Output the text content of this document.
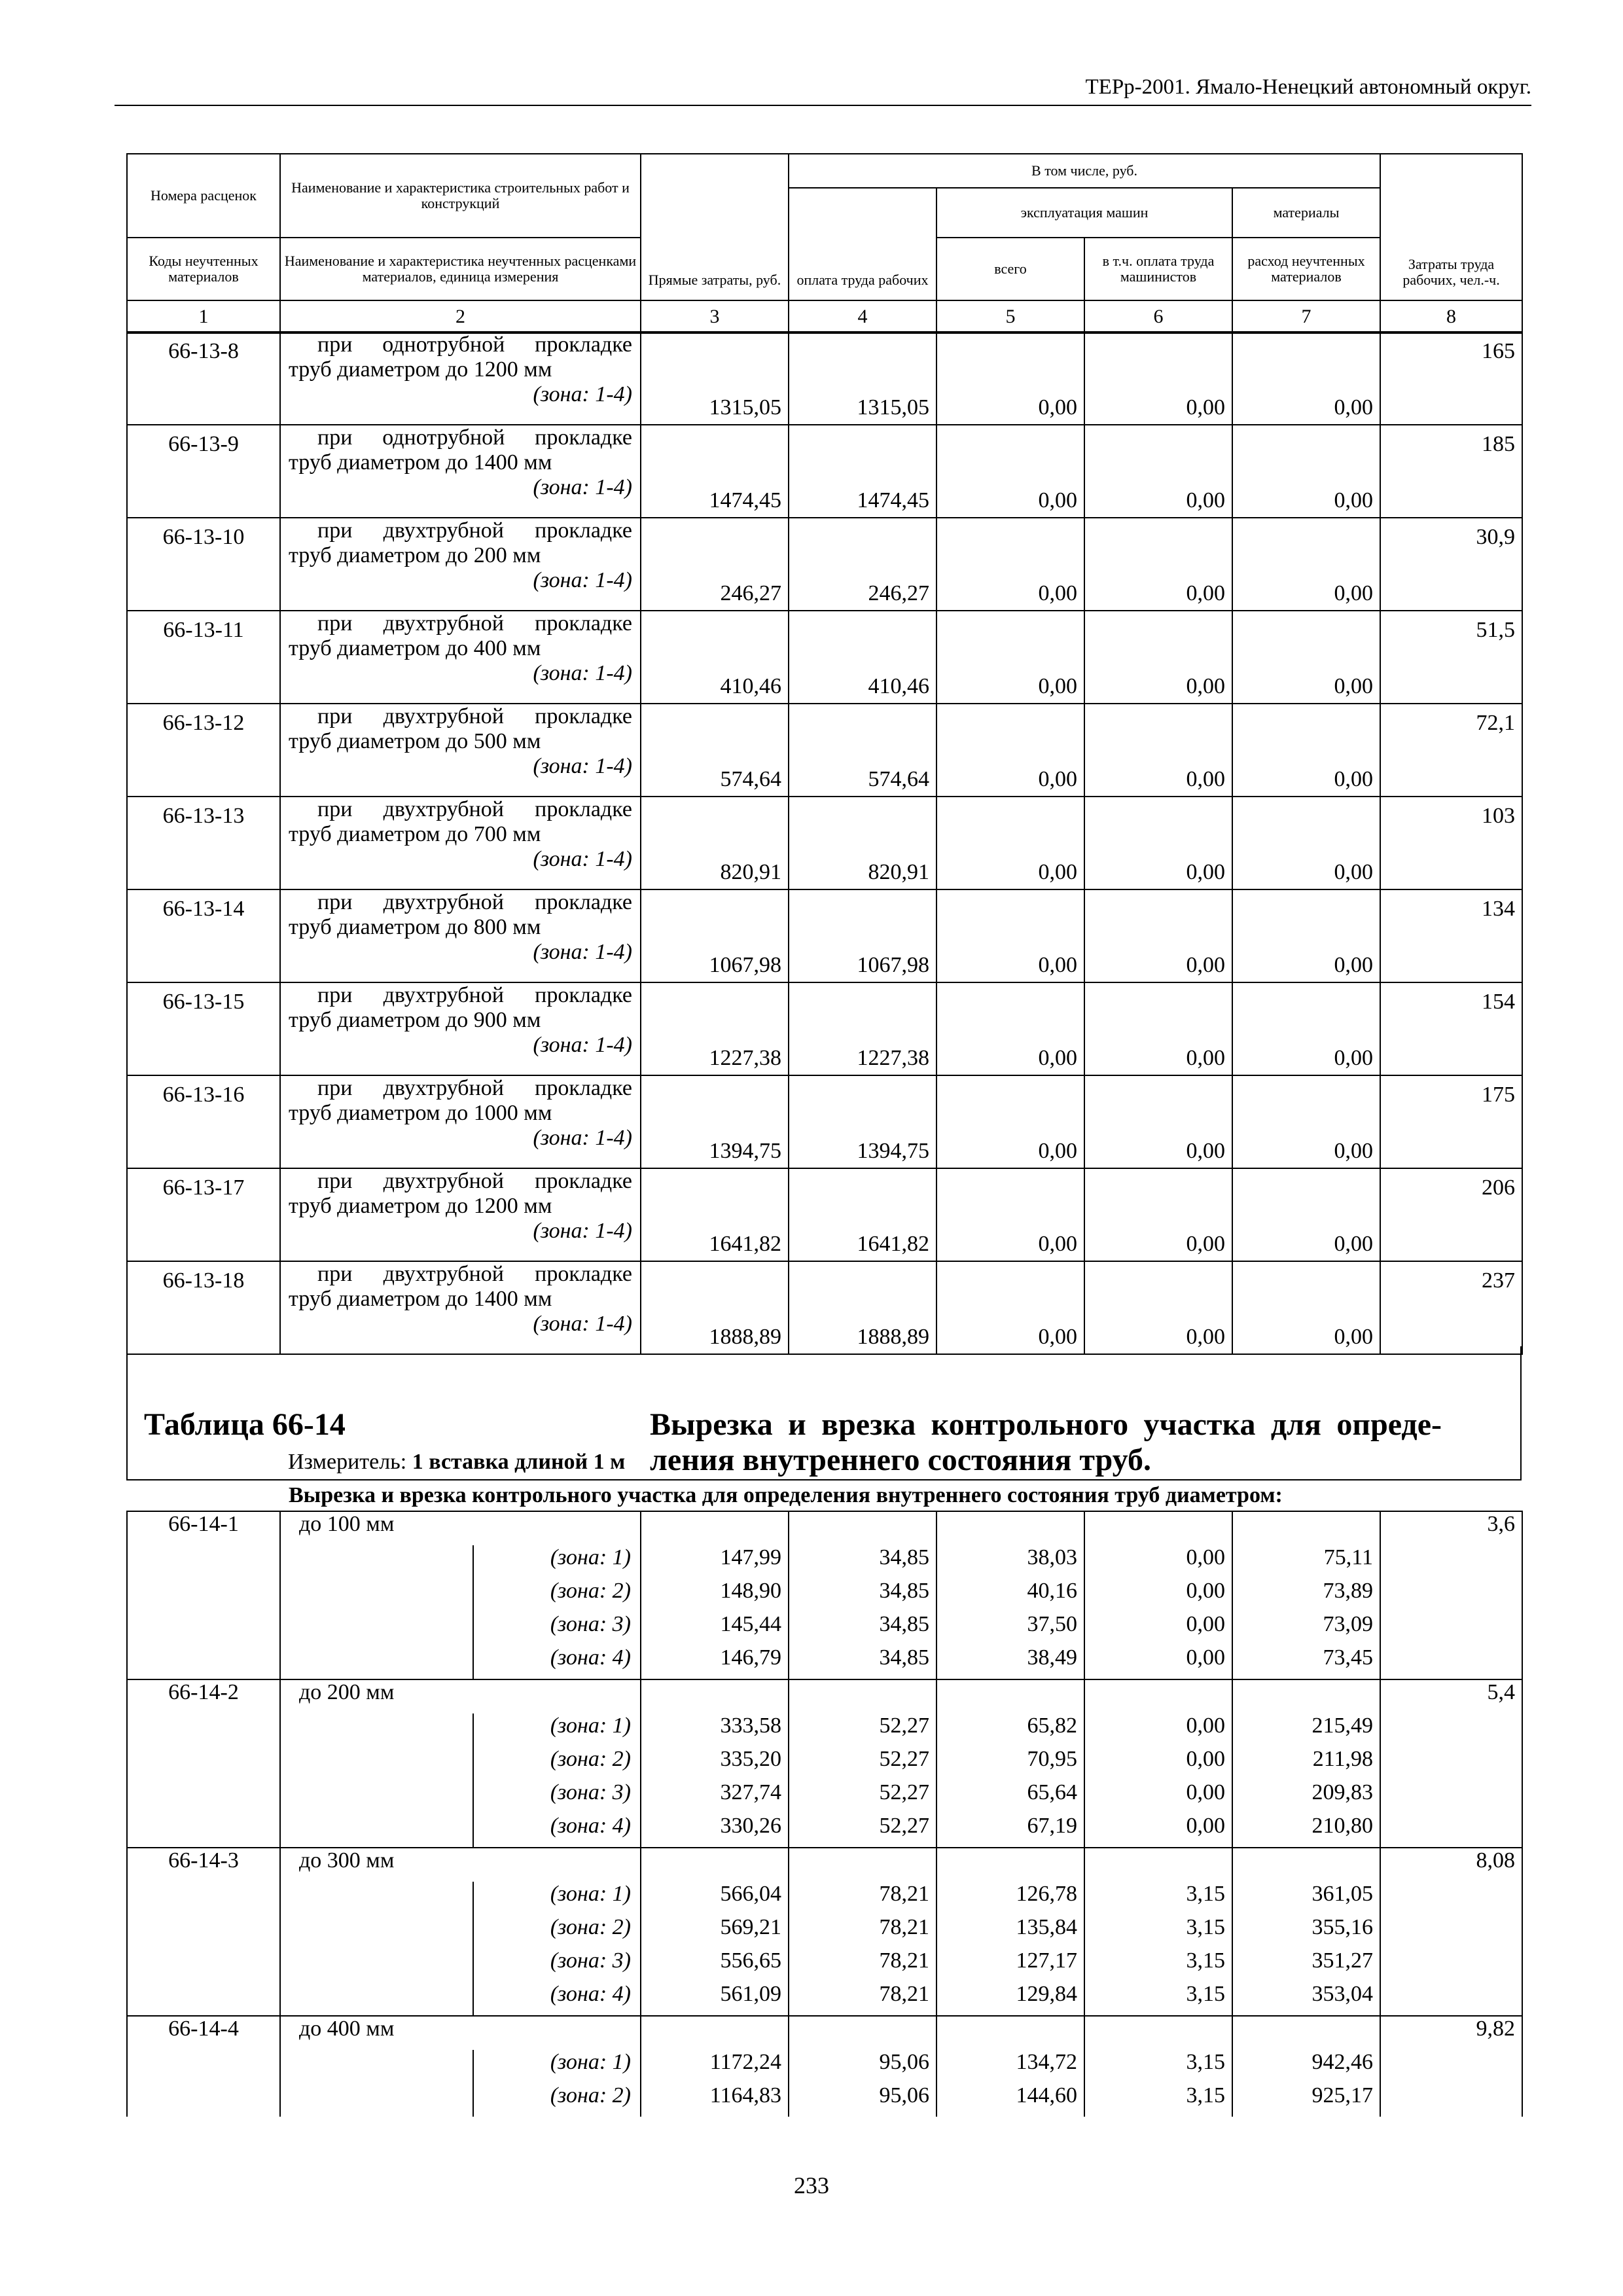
ТЕРр-2001. Ямало-Ненецкий автономный округ.
Номера расценок	Наименование и характеристика строительных работ и конструкций	Прямые затраты, руб.	В том числе, руб.				Затраты труда рабочих, чел.-ч.
			оплата труда рабочих	эксплуатация машин		материалы	
Коды неучтенных материалов	Наименование и характеристика неучтенных расценками материалов, единица измерения			всего	в т.ч. оплата труда машинистов	расход неучтенных материалов	

1	2	3	4	5	6	7	8
66-13-8	при однотрубной прокладке
труб диаметром до 1200 мм
(зона: 1-4)	1315,05	1315,05	0,00	0,00	0,00	165
66-13-9	при однотрубной прокладке
труб диаметром до 1400 мм
(зона: 1-4)	1474,45	1474,45	0,00	0,00	0,00	185
66-13-10	при двухтрубной прокладке
труб диаметром до 200 мм
(зона: 1-4)	246,27	246,27	0,00	0,00	0,00	30,9
66-13-11	при двухтрубной прокладке
труб диаметром до 400 мм
(зона: 1-4)	410,46	410,46	0,00	0,00	0,00	51,5
66-13-12	при двухтрубной прокладке
труб диаметром до 500 мм
(зона: 1-4)	574,64	574,64	0,00	0,00	0,00	72,1
66-13-13	при двухтрубной прокладке
труб диаметром до 700 мм
(зона: 1-4)	820,91	820,91	0,00	0,00	0,00	103
66-13-14	при двухтрубной прокладке
труб диаметром до 800 мм
(зона: 1-4)	1067,98	1067,98	0,00	0,00	0,00	134
66-13-15	при двухтрубной прокладке
труб диаметром до 900 мм
(зона: 1-4)	1227,38	1227,38	0,00	0,00	0,00	154
66-13-16	при двухтрубной прокладке
труб диаметром до 1000 мм
(зона: 1-4)	1394,75	1394,75	0,00	0,00	0,00	175
66-13-17	при двухтрубной прокладке
труб диаметром до 1200 мм
(зона: 1-4)	1641,82	1641,82	0,00	0,00	0,00	206
66-13-18	при двухтрубной прокладке
труб диаметром до 1400 мм
(зона: 1-4)	1888,89	1888,89	0,00	0,00	0,00	237
Таблица 66-14	Вырезка и врезка контрольного участка для опреде-
ления внутреннего состояния труб.
Измеритель: 1 вставка длиной 1 м
Вырезка и врезка контрольного участка для определения внутреннего состояния труб диаметром:
66-14-1	до 100 мм							3,6
		(зона: 1)	147,99	34,85	38,03	0,00	75,11	
		(зона: 2)	148,90	34,85	40,16	0,00	73,89	
		(зона: 3)	145,44	34,85	37,50	0,00	73,09	
		(зона: 4)	146,79	34,85	38,49	0,00	73,45	
66-14-2	до 200 мм							5,4
		(зона: 1)	333,58	52,27	65,82	0,00	215,49	
		(зона: 2)	335,20	52,27	70,95	0,00	211,98	
		(зона: 3)	327,74	52,27	65,64	0,00	209,83	
		(зона: 4)	330,26	52,27	67,19	0,00	210,80	
66-14-3	до 300 мм							8,08
		(зона: 1)	566,04	78,21	126,78	3,15	361,05	
		(зона: 2)	569,21	78,21	135,84	3,15	355,16	
		(зона: 3)	556,65	78,21	127,17	3,15	351,27	
		(зона: 4)	561,09	78,21	129,84	3,15	353,04	
66-14-4	до 400 мм							9,82
		(зона: 1)	1172,24	95,06	134,72	3,15	942,46	
		(зона: 2)	1164,83	95,06	144,60	3,15	925,17	
233
